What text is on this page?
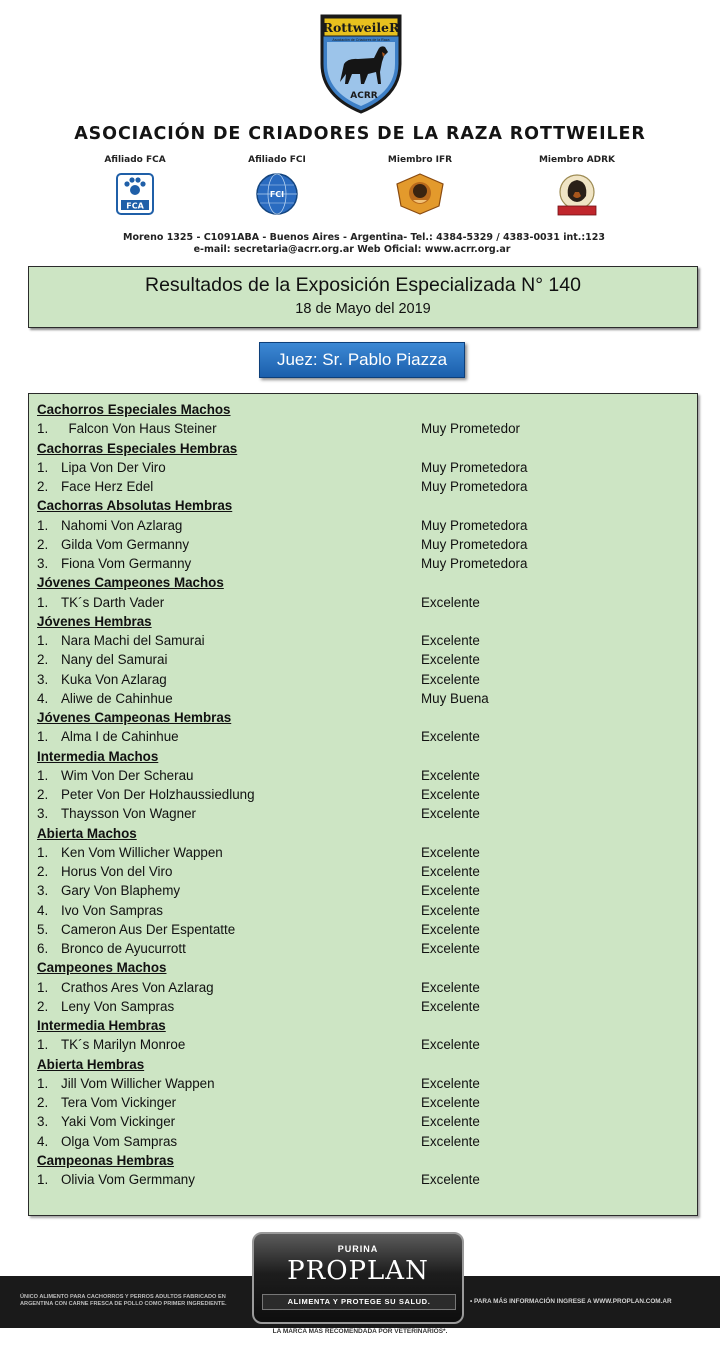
RottweileR
Asociación de Criadores de la Raza
ACRR
ASOCIACIÓN DE CRIADORES DE LA RAZA ROTTWEILER
Afiliado FCA
FCA
Afiliado FCI
FCI
Miembro IFR	Miembro ADRK
Moreno 1325 - C1091ABA - Buenos Aires - Argentina- Tel.: 4384-5329 / 4383-0031 int.:123
e-mail: secretaria@acrr.org.ar Web Oficial: www.acrr.org.ar
Resultados de la Exposición Especializada N° 140
18 de Mayo del 2019
Juez: Sr. Pablo Piazza
Cachorros Especiales Machos
1. Falcon Von Haus Steiner	Muy Prometedor
Cachorras Especiales Hembras
1. Lipa Von Der Viro	Muy Prometedora
2. Face Herz Edel	Muy Prometedora
Cachorras Absolutas Hembras
1. Nahomi Von Azlarag	Muy Prometedora
2. Gilda Vom Germanny	Muy Prometedora
3. Fiona Vom Germanny	Muy Prometedora
Jóvenes Campeones Machos
1. TK´s Darth Vader	Excelente
Jóvenes Hembras
1. Nara Machi del Samurai	Excelente
2. Nany del Samurai	Excelente
3. Kuka Von Azlarag	Excelente
4. Aliwe de Cahinhue	Muy Buena
Jóvenes Campeonas Hembras
1. Alma I de Cahinhue	Excelente
Intermedia Machos
1. Wim Von Der Scherau	Excelente
2. Peter Von Der Holzhaussiedlung	Excelente
3. Thaysson Von Wagner	Excelente
Abierta Machos
1. Ken Vom Willicher Wappen	Excelente
2. Horus Von del Viro	Excelente
3. Gary Von Blaphemy	Excelente
4. Ivo Von Sampras	Excelente
5. Cameron Aus Der Espentatte	Excelente
6. Bronco de Ayucurrott	Excelente
Campeones Machos
1. Crathos Ares Von Azlarag	Excelente
2. Leny Von Sampras	Excelente
Intermedia Hembras
1. TK´s Marilyn Monroe	Excelente
Abierta Hembras
1. Jill Vom Willicher Wappen	Excelente
2. Tera Vom Vickinger	Excelente
3. Yaki Vom Vickinger	Excelente
4. Olga Vom Sampras	Excelente
Campeonas Hembras
1. Olivia Vom Germmany	Excelente
ÚNICO ALIMENTO PARA CACHORROS Y PERROS ADULTOS FABRICADO EN ARGENTINA CON CARNE FRESCA DE POLLO COMO PRIMER INGREDIENTE.	• PARA MÁS INFORMACIÓN INGRESE A WWW.PROPLAN.COM.AR
PURINA
PROPLAN
ALIMENTA Y PROTEGE SU SALUD.
LA MARCA MÁS RECOMENDADA POR VETERINARIOS*.
